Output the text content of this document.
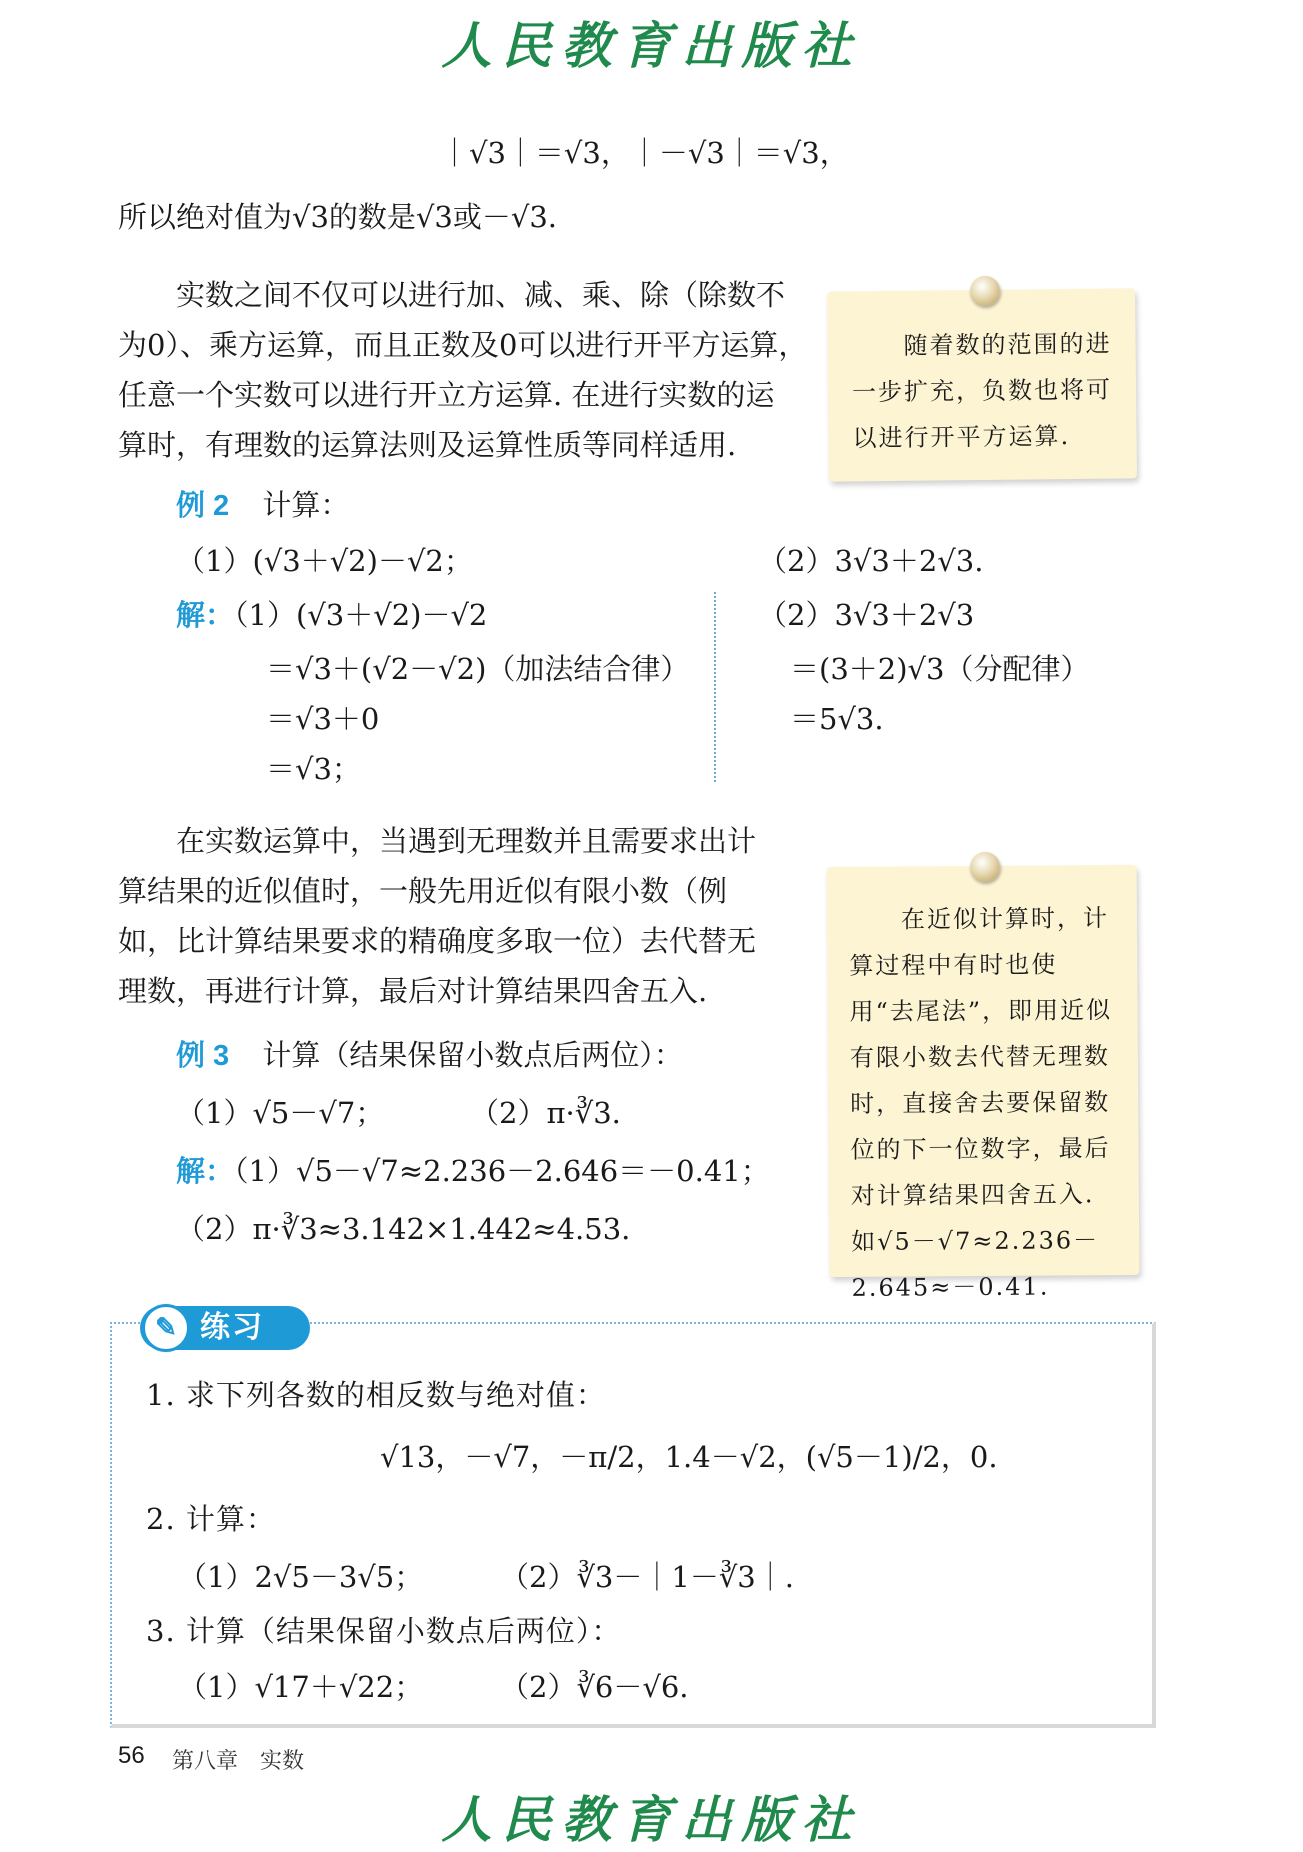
人民教育出版社
｜√3｜＝√3，｜－√3｜＝√3，
所以绝对值为√3的数是√3或－√3.
实数之间不仅可以进行加、减、乘、除（除数不
为0）、乘方运算，而且正数及0可以进行开平方运算，
任意一个实数可以进行开立方运算. 在进行实数的运
算时，有理数的运算法则及运算性质等同样适用.
　　随着数的范围的进一步扩充，负数也将可以进行开平方运算.
例 2 计算：
（1）(√3＋√2)－√2；	（2）3√3＋2√3.
解：（1）(√3＋√2)－√2
＝√3＋(√2－√2)（加法结合律）
＝√3＋0
＝√3；
（2）3√3＋2√3
＝(3＋2)√3（分配律）
＝5√3.
在实数运算中，当遇到无理数并且需要求出计
算结果的近似值时，一般先用近似有限小数（例
如，比计算结果要求的精确度多取一位）去代替无
理数，再进行计算，最后对计算结果四舍五入.
　　在近似计算时，计算过程中有时也使用“去尾法”，即用近似有限小数去代替无理数时，直接舍去要保留数位的下一位数字，最后对计算结果四舍五入. 如√5－√7≈2.236－2.645≈－0.41.
例 3 计算（结果保留小数点后两位）：
（1）√5－√7；	（2）π·∛3.
解：（1）√5－√7≈2.236－2.646＝－0.41；
（2）π·∛3≈3.142×1.442≈4.53.
✎ 练习
1. 求下列各数的相反数与绝对值：
√13，－√7，－π/2，1.4－√2，(√5－1)/2，0.
2. 计算：
（1）2√5－3√5；	（2）∛3－｜1－∛3｜.
3. 计算（结果保留小数点后两位）：
（1）√17＋√22；	（2）∛6－√6.
56 第八章　实数
人民教育出版社
